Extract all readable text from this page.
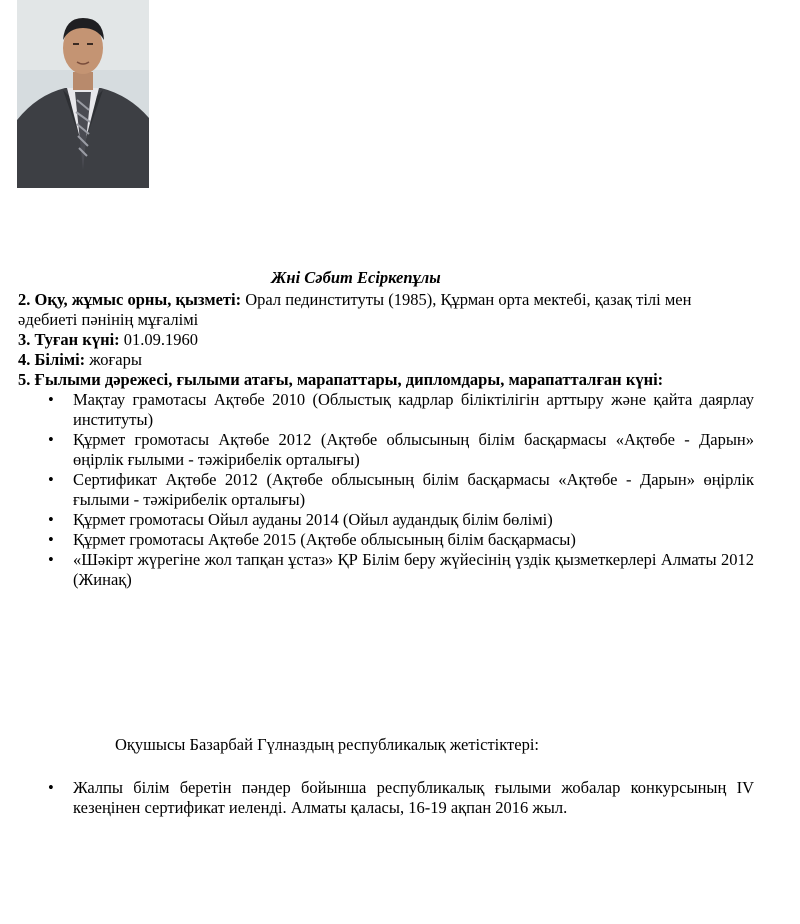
Жні Сәбит Есіркепұлы

2. Оқу, жұмыс орны, қызметі: Орал пединституты (1985), Құрман орта мектебі, қазақ тілі мен әдебиеті пәнінің мұғалімі

3. Туған күні: 01.09.1960

4. Білімі: жоғары

5. Ғылыми дәрежесі, ғылыми атағы, марапаттары, дипломдары, марапатталған күні:

• Мақтау грамотасы Ақтөбе 2010 (Облыстық кадрлар біліктілігін арттыру және қайта даярлау институты)
• Құрмет громотасы Ақтөбе 2012 (Ақтөбе облысының білім басқармасы «Ақтөбе - Дарын» өңірлік ғылыми - тәжірибелік орталығы)
• Сертификат Ақтөбе 2012 (Ақтөбе облысының білім басқармасы «Ақтөбе - Дарын» өңірлік ғылыми - тәжірибелік орталығы)
• Құрмет громотасы Ойыл ауданы 2014 (Ойыл аудандық білім бөлімі)
• Құрмет громотасы Ақтөбе 2015 (Ақтөбе облысының білім басқармасы)
• «Шәкірт жүрегіне жол тапқан ұстаз» ҚР Білім беру жүйесінің үздік қызметкерлері Алматы 2012 (Жинақ)
Оқушысы Базарбай Гүлназдың республикалық жетістіктері:
• Жалпы білім беретін пәндер бойынша республикалық ғылыми жобалар конкурсының IV кезеңінен сертификат иеленді. Алматы қаласы, 16-19 ақпан 2016 жыл.
